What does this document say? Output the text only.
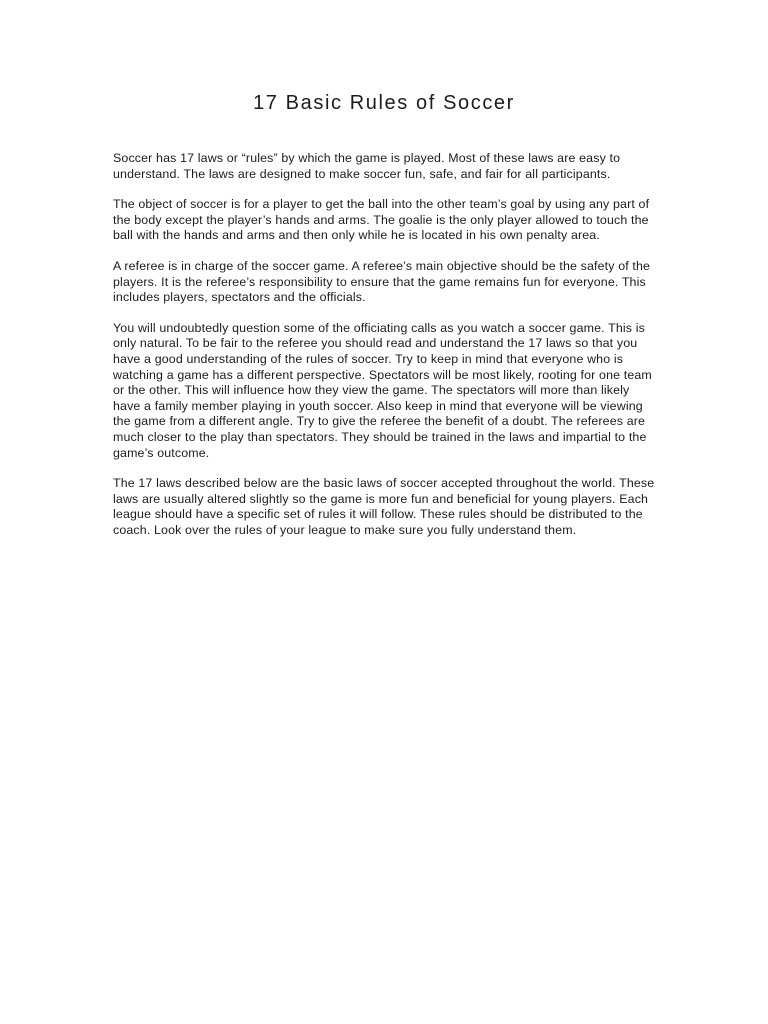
17 Basic Rules of Soccer

Soccer has 17 laws or “rules” by which the game is played. Most of these laws are easy to understand. The laws are designed to make soccer fun, safe, and fair for all participants.

The object of soccer is for a player to get the ball into the other team’s goal by using any part of the body except the player’s hands and arms. The goalie is the only player allowed to touch the ball with the hands and arms and then only while he is located in his own penalty area.

A referee is in charge of the soccer game. A referee’s main objective should be the safety of the players. It is the referee’s responsibility to ensure that the game remains fun for everyone. This includes players, spectators and the officials.

You will undoubtedly question some of the officiating calls as you watch a soccer game. This is only natural. To be fair to the referee you should read and understand the 17 laws so that you have a good understanding of the rules of soccer. Try to keep in mind that everyone who is watching a game has a different perspective. Spectators will be most likely, rooting for one team or the other. This will influence how they view the game. The spectators will more than likely have a family member playing in youth soccer. Also keep in mind that everyone will be viewing the game from a different angle. Try to give the referee the benefit of a doubt. The referees are much closer to the play than spectators. They should be trained in the laws and impartial to the game’s outcome.

The 17 laws described below are the basic laws of soccer accepted throughout the world. These laws are usually altered slightly so the game is more fun and beneficial for young players. Each league should have a specific set of rules it will follow. These rules should be distributed to the coach. Look over the rules of your league to make sure you fully understand them.
